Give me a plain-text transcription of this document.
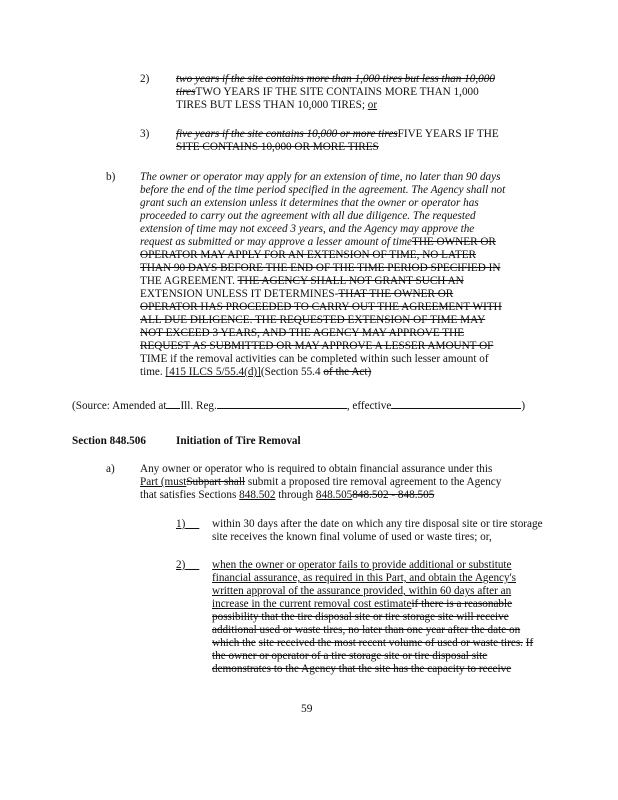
2) two years if the site contains more than 1,000 tires but less than 10,000
tiresTWO YEARS IF THE SITE CONTAINS MORE THAN 1,000
TIRES BUT LESS THAN 10,000 TIRES; or
3) five years if the site contains 10,000 or more tiresFIVE YEARS IF THE
SITE CONTAINS 10,000 OR MORE TIRES
b) The owner or operator may apply for an extension of time, no later than 90 days
before the end of the time period specified in the agreement. The Agency shall not
grant such an extension unless it determines that the owner or operator has
proceeded to carry out the agreement with all due diligence. The requested
extension of time may not exceed 3 years, and the Agency may approve the
request as submitted or may approve a lesser amount of timeTHE OWNER OR
OPERATOR MAY APPLY FOR AN EXTENSION OF TIME, NO LATER
THAN 90 DAYS BEFORE THE END OF THE TIME PERIOD SPECIFIED IN
THE AGREEMENT. THE AGENCY SHALL NOT GRANT SUCH AN
EXTENSION UNLESS IT DETERMINES-THAT THE OWNER OR
OPERATOR HAS PROCEEDED TO CARRY OUT THE AGREEMENT WITH
ALL DUE DILIGENCE. THE REQUESTED EXTENSION OF TIME MAY
NOT EXCEED 3 YEARS, AND THE AGENCY MAY APPROVE THE
REQUEST AS SUBMITTED OR MAY APPROVE A LESSER AMOUNT OF
TIME if the removal activities can be completed within such lesser amount of
time. [415 ILCS 5/55.4(d)](Section 55.4 of the Act)
(Source: Amended at Ill. Reg.	, effective	)
Section 848.506	Initiation of Tire Removal
a) Any owner or operator who is required to obtain financial assurance under this
Part (mustSubpart shall submit a proposed tire removal agreement to the Agency
that satisfies Sections 848.502 through 848.505848.502 - 848.505
1)	within 30 days after the date on which any tire disposal site or tire storage
site receives the known final volume of used or waste tires; or,
2)	when the owner or operator fails to provide additional or substitute
financial assurance, as required in this Part, and obtain the Agency's
written approval of the assurance provided, within 60 days after an
increase in the current removal cost estimateif there is a reasonable
possibility that the tire disposal site or tire storage site will receive
additional used or waste tires, no later than one year after the date on
which the site received the most recent volume of used or waste tires. If
the owner or operator of a tire storage site or tire disposal site
demonstrates to the Agency that the site has the capacity to receive
59
